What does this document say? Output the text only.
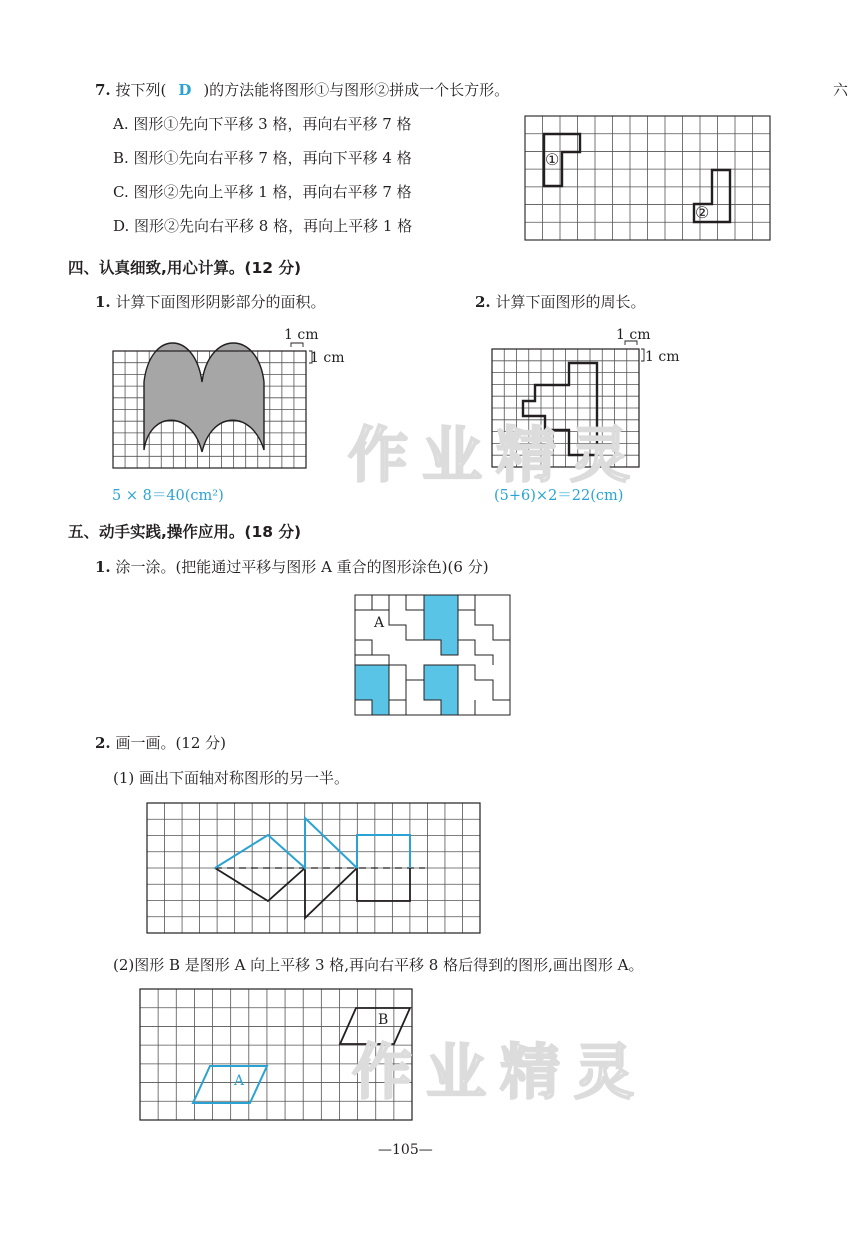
7. 按下列( D )的方法能将图形①与图形②拼成一个长方形。	六
A. 图形①先向下平移 3 格，再向右平移 7 格
B. 图形①先向右平移 7 格，再向下平移 4 格
C. 图形②先向上平移 1 格，再向右平移 7 格
D. 图形②先向右平移 8 格，再向上平移 1 格
①
②
四、认真细致,用心计算。(12 分)
1. 计算下面图形阴影部分的面积。	2. 计算下面图形的周长。
1 cm
1 cm
1 cm
1 cm
5 × 8＝40(cm²)	(5+6)×2＝22(cm)
五、动手实践,操作应用。(18 分)
1. 涂一涂。(把能通过平移与图形 A 重合的图形涂色)(6 分)
A
2. 画一画。(12 分)
(1) 画出下面轴对称图形的另一半。
(2)图形 B 是图形 A 向上平移 3 格,再向右平移 8 格后得到的图形,画出图形 A。
B
A
作业精灵
作业精灵
—105—
